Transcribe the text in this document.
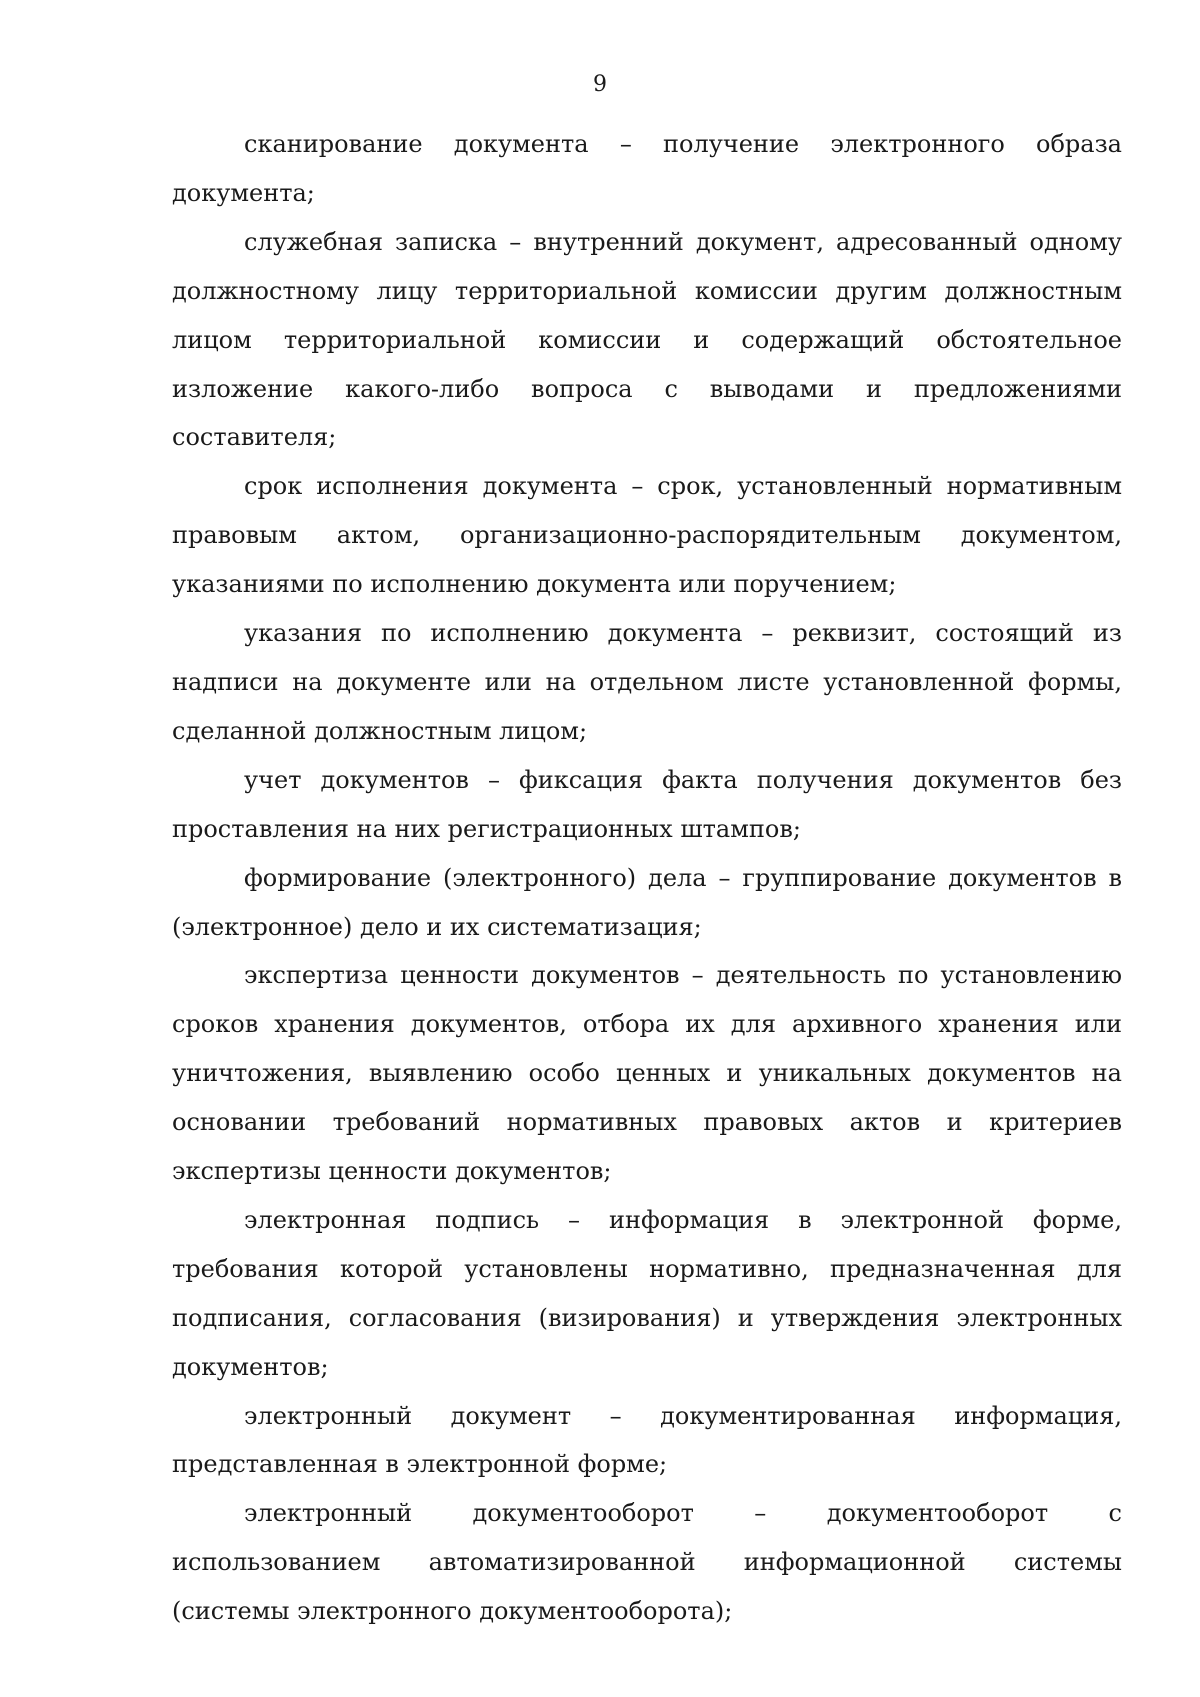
9

сканирование документа – получение электронного образа документа;

служебная записка – внутренний документ, адресованный одному должностному лицу территориальной комиссии другим должностным лицом территориальной комиссии и содержащий обстоятельное изложение какого-либо вопроса с выводами и предложениями составителя;

срок исполнения документа – срок, установленный нормативным правовым актом, организационно-распорядительным документом, указаниями по исполнению документа или поручением;

указания по исполнению документа – реквизит, состоящий из надписи на документе или на отдельном листе установленной формы, сделанной должностным лицом;

учет документов – фиксация факта получения документов без проставления на них регистрационных штампов;

формирование (электронного) дела – группирование документов в (электронное) дело и их систематизация;

экспертиза ценности документов – деятельность по установлению сроков хранения документов, отбора их для архивного хранения или уничтожения, выявлению особо ценных и уникальных документов на основании требований нормативных правовых актов и критериев экспертизы ценности документов;

электронная подпись – информация в электронной форме, требования которой установлены нормативно, предназначенная для подписания, согласования (визирования) и утверждения электронных документов;

электронный документ – документированная информация, представленная в электронной форме;

электронный документооборот – документооборот с использованием автоматизированной информационной системы (системы электронного документооборота);
